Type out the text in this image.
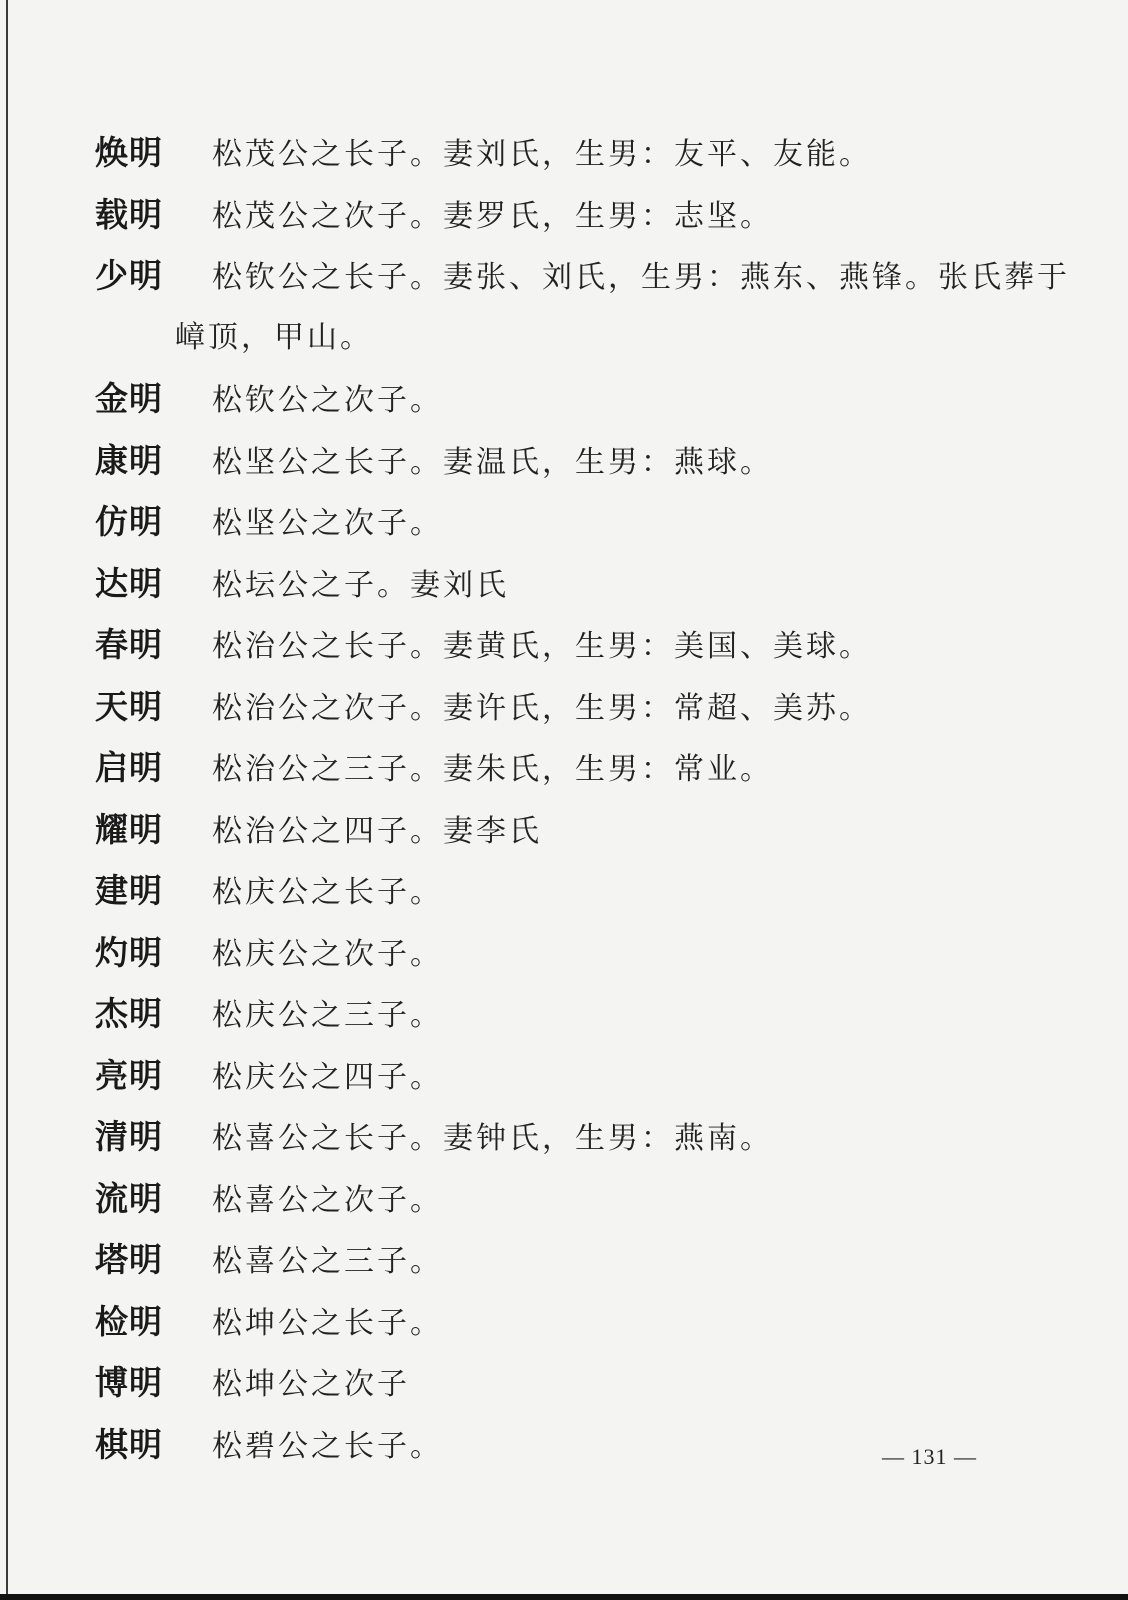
焕明	松茂公之长子。妻刘氏，生男：友平、友能。
载明	松茂公之次子。妻罗氏，生男：志坚。
少明	松钦公之长子。妻张、刘氏，生男：燕东、燕锋。张氏葬于
嶂顶，甲山。
金明	松钦公之次子。
康明	松坚公之长子。妻温氏，生男：燕球。
仿明	松坚公之次子。
达明	松坛公之子。妻刘氏
春明	松治公之长子。妻黄氏，生男：美国、美球。
天明	松治公之次子。妻许氏，生男：常超、美苏。
启明	松治公之三子。妻朱氏，生男：常业。
耀明	松治公之四子。妻李氏
建明	松庆公之长子。
灼明	松庆公之次子。
杰明	松庆公之三子。
亮明	松庆公之四子。
清明	松喜公之长子。妻钟氏，生男：燕南。
流明	松喜公之次子。
塔明	松喜公之三子。
检明	松坤公之长子。
博明	松坤公之次子
棋明	松碧公之长子。	— 131 —
